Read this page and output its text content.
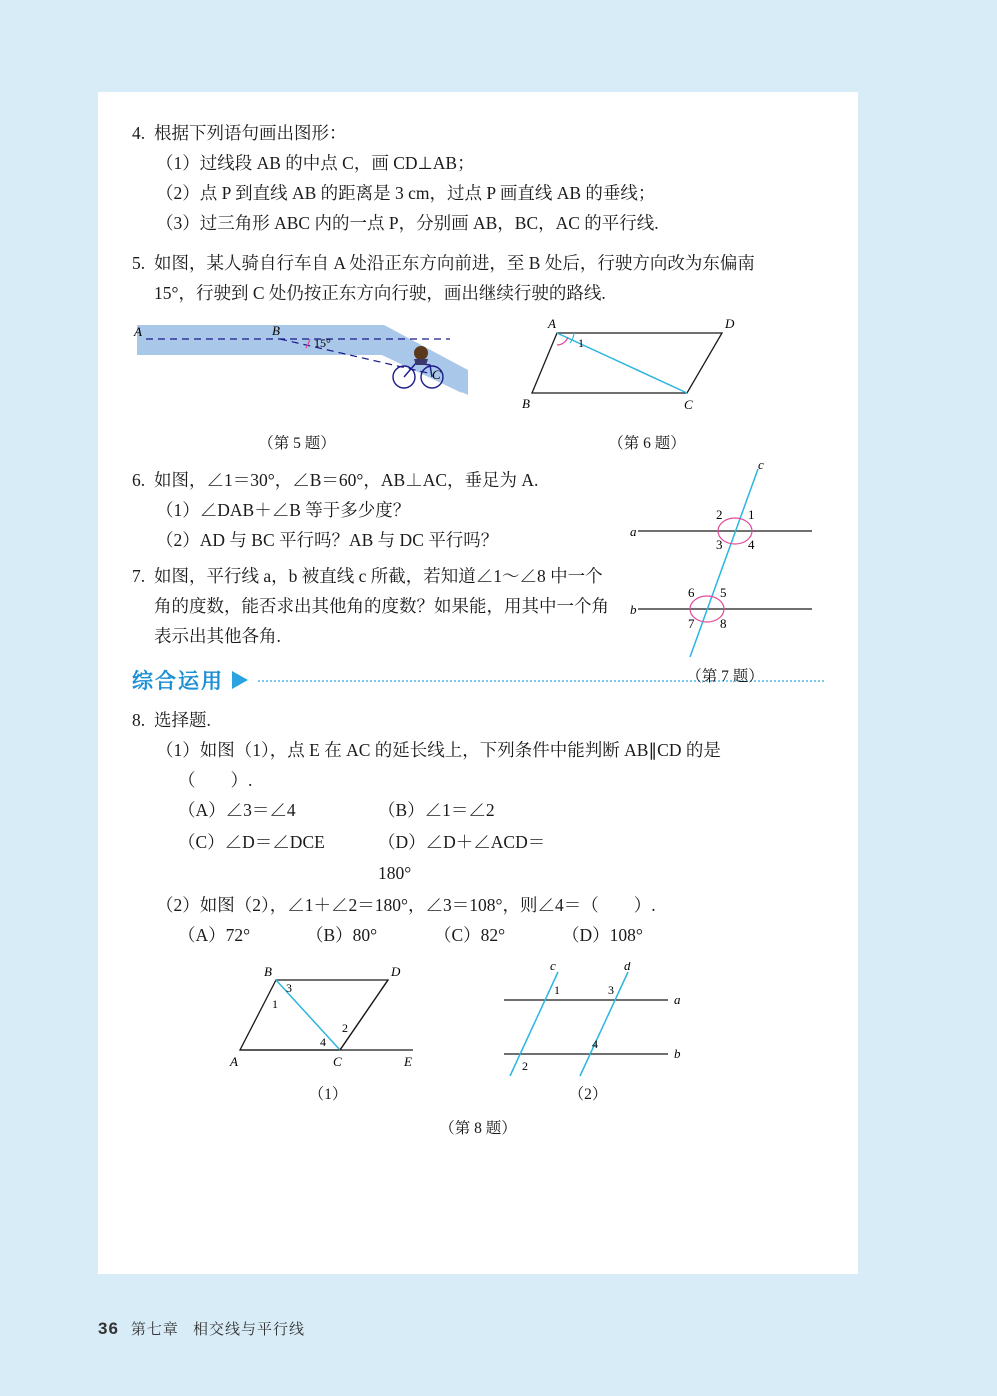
4. 根据下列语句画出图形：
（1）过线段 AB 的中点 C，画 CD⊥AB；
（2）点 P 到直线 AB 的距离是 3 cm，过点 P 画直线 AB 的垂线；
（3）过三角形 ABC 内的一点 P，分别画 AB，BC，AC 的平行线.
5. 如图，某人骑自行车自 A 处沿正东方向前进，至 B 处后，行驶方向改为东偏南
15°，行驶到 C 处仍按正东方向行驶，画出继续行驶的路线.
A	B
C
15°
（第 5 题）
A	D
B	C
1
（第 6 题）
c
a
b
2 1
3 4
6 5
7 8
（第 7 题）
6. 如图，∠1＝30°，∠B＝60°，AB⊥AC，垂足为 A.
（1）∠DAB＋∠B 等于多少度？
（2）AD 与 BC 平行吗？AB 与 DC 平行吗？
7. 如图，平行线 a，b 被直线 c 所截，若知道∠1～∠8 中一个
角的度数，能否求出其他角的度数？如果能，用其中一个角
表示出其他各角.
综合运用
8. 选择题.
（1）如图（1），点 E 在 AC 的延长线上，下列条件中能判断 AB∥CD 的是
（　　）.
（A）∠3＝∠4	（B）∠1＝∠2
（C）∠D＝∠DCE	（D）∠D＋∠ACD＝180°
（2）如图（2），∠1＋∠2＝180°，∠3＝108°，则∠4＝（　　）.
（A）72°	（B）80°	（C）82°	（D）108°
B	D
A	C	E
3
1
2
4
（1）
c	d
a
b
1	3
4
2
（2）
（第 8 题）
36 第七章 相交线与平行线
